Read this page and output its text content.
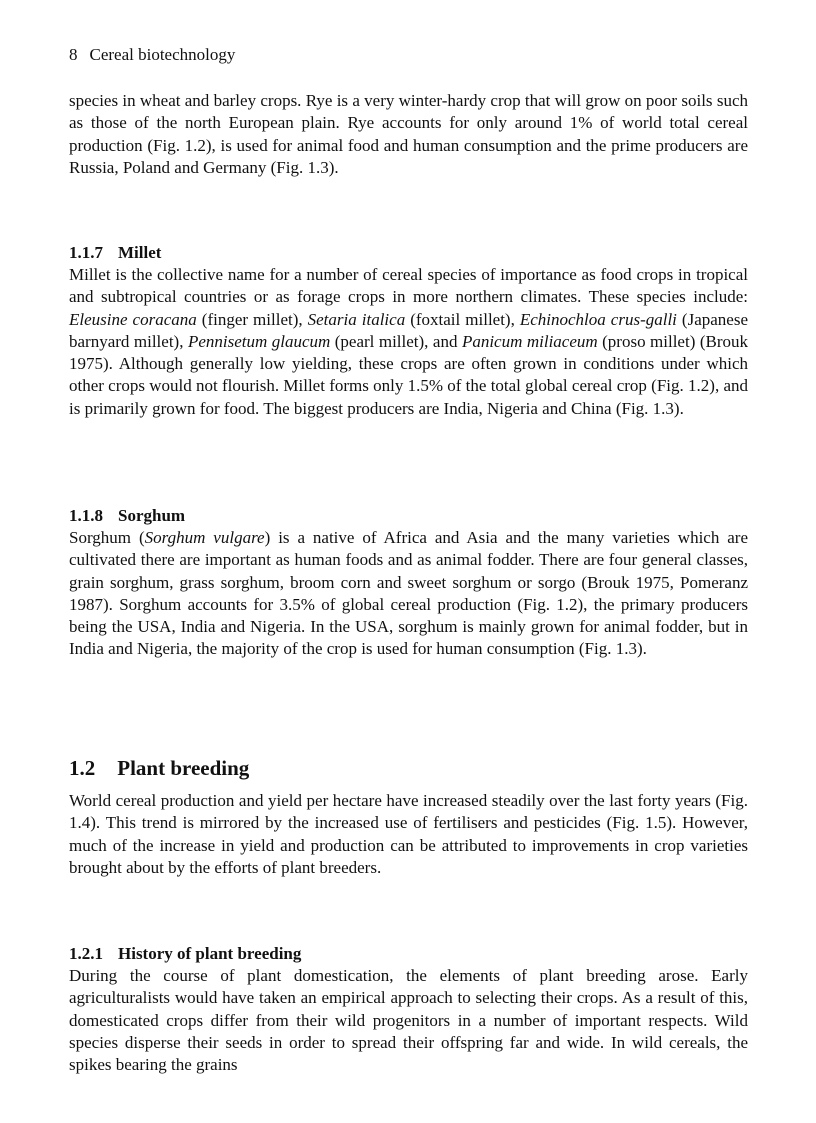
8 Cereal biotechnology

species in wheat and barley crops. Rye is a very winter-hardy crop that will grow on poor soils such as those of the north European plain. Rye accounts for only around 1% of world total cereal production (Fig. 1.2), is used for animal food and human consumption and the prime producers are Russia, Poland and Germany (Fig. 1.3).

1.1.7 Millet

Millet is the collective name for a number of cereal species of importance as food crops in tropical and subtropical countries or as forage crops in more northern climates. These species include: Eleusine coracana (finger millet), Setaria italica (foxtail millet), Echinochloa crus-galli (Japanese barnyard millet), Pennisetum glaucum (pearl millet), and Panicum miliaceum (proso millet) (Brouk 1975). Although generally low yielding, these crops are often grown in conditions under which other crops would not flourish. Millet forms only 1.5% of the total global cereal crop (Fig. 1.2), and is primarily grown for food. The biggest producers are India, Nigeria and China (Fig. 1.3).

1.1.8 Sorghum

Sorghum (Sorghum vulgare) is a native of Africa and Asia and the many varieties which are cultivated there are important as human foods and as animal fodder. There are four general classes, grain sorghum, grass sorghum, broom corn and sweet sorghum or sorgo (Brouk 1975, Pomeranz 1987). Sorghum accounts for 3.5% of global cereal production (Fig. 1.2), the primary producers being the USA, India and Nigeria. In the USA, sorghum is mainly grown for animal fodder, but in India and Nigeria, the majority of the crop is used for human consumption (Fig. 1.3).

1.2 Plant breeding

World cereal production and yield per hectare have increased steadily over the last forty years (Fig. 1.4). This trend is mirrored by the increased use of fertilisers and pesticides (Fig. 1.5). However, much of the increase in yield and production can be attributed to improvements in crop varieties brought about by the efforts of plant breeders.

1.2.1 History of plant breeding

During the course of plant domestication, the elements of plant breeding arose. Early agriculturalists would have taken an empirical approach to selecting their crops. As a result of this, domesticated crops differ from their wild progenitors in a number of important respects. Wild species disperse their seeds in order to spread their offspring far and wide. In wild cereals, the spikes bearing the grains
